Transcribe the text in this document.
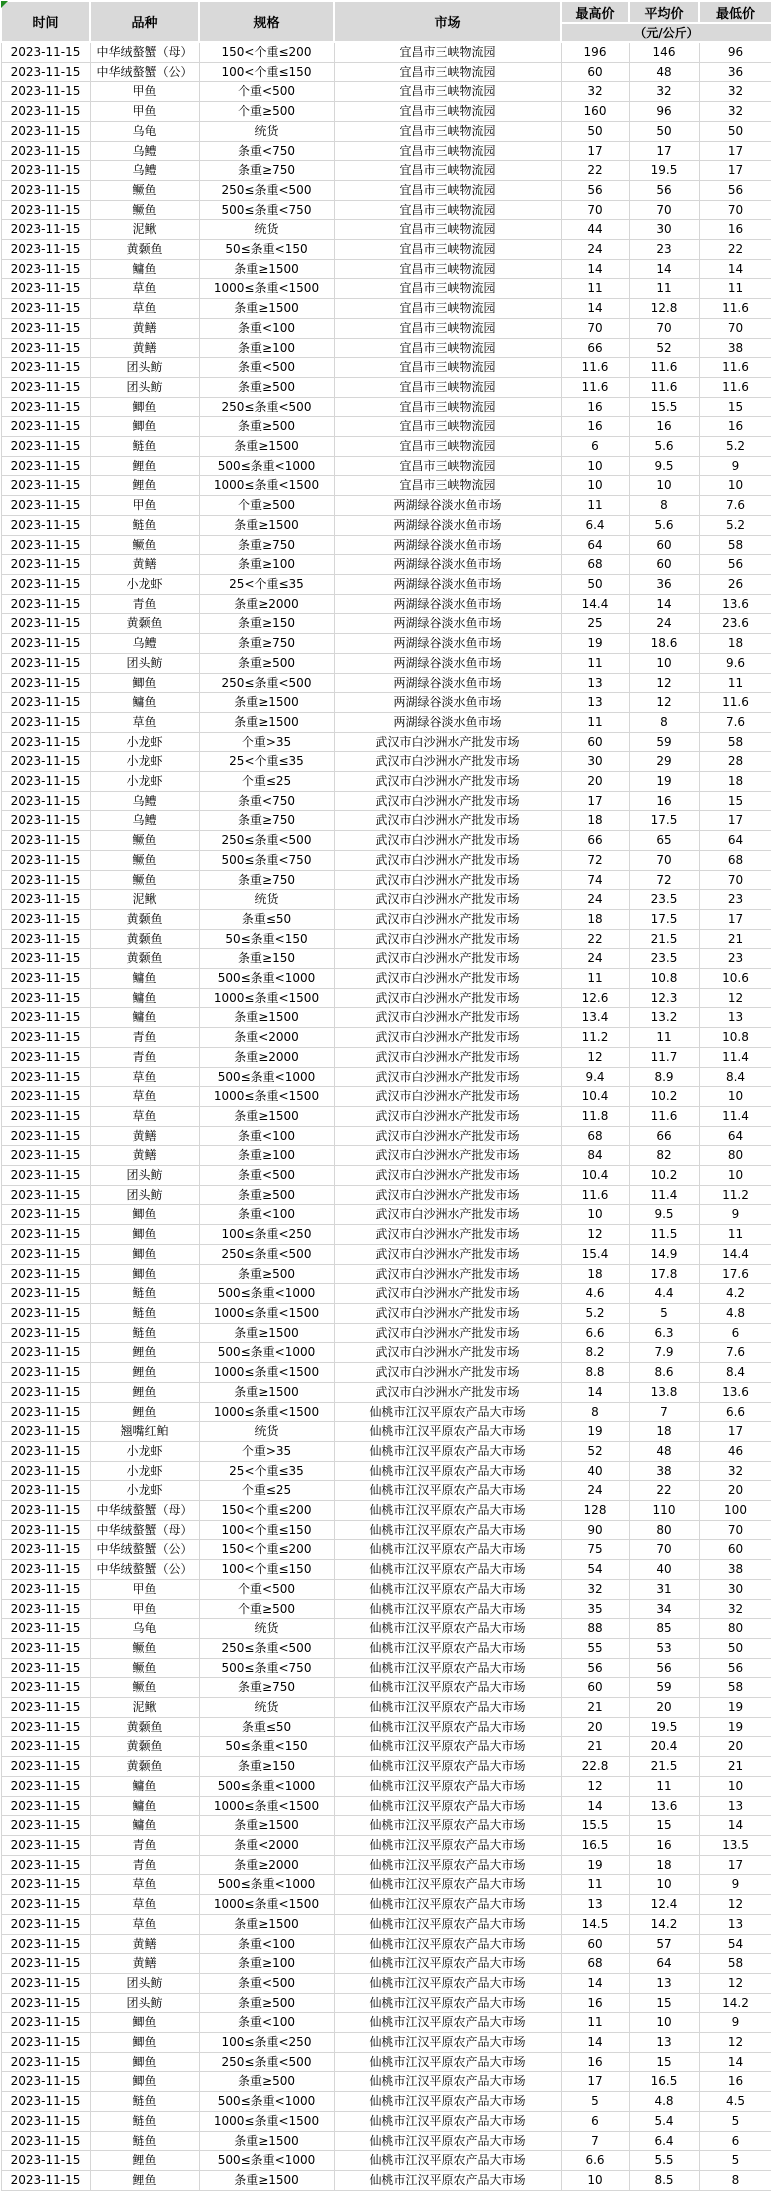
时间	品种	规格	市场	最高价	平均价	最低价
				（元/公斤）		
2023-11-15	中华绒螯蟹（母）	150<个重≤200	宜昌市三峡物流园	196	146	96
2023-11-15	中华绒螯蟹（公）	100<个重≤150	宜昌市三峡物流园	60	48	36
2023-11-15	甲鱼	个重<500	宜昌市三峡物流园	32	32	32
2023-11-15	甲鱼	个重≥500	宜昌市三峡物流园	160	96	32
2023-11-15	乌龟	统货	宜昌市三峡物流园	50	50	50
2023-11-15	乌鳢	条重<750	宜昌市三峡物流园	17	17	17
2023-11-15	乌鳢	条重≥750	宜昌市三峡物流园	22	19.5	17
2023-11-15	鳜鱼	250≤条重<500	宜昌市三峡物流园	56	56	56
2023-11-15	鳜鱼	500≤条重<750	宜昌市三峡物流园	70	70	70
2023-11-15	泥鳅	统货	宜昌市三峡物流园	44	30	16
2023-11-15	黄颡鱼	50≤条重<150	宜昌市三峡物流园	24	23	22
2023-11-15	鳙鱼	条重≥1500	宜昌市三峡物流园	14	14	14
2023-11-15	草鱼	1000≤条重<1500	宜昌市三峡物流园	11	11	11
2023-11-15	草鱼	条重≥1500	宜昌市三峡物流园	14	12.8	11.6
2023-11-15	黄鳝	条重<100	宜昌市三峡物流园	70	70	70
2023-11-15	黄鳝	条重≥100	宜昌市三峡物流园	66	52	38
2023-11-15	团头鲂	条重<500	宜昌市三峡物流园	11.6	11.6	11.6
2023-11-15	团头鲂	条重≥500	宜昌市三峡物流园	11.6	11.6	11.6
2023-11-15	鲫鱼	250≤条重<500	宜昌市三峡物流园	16	15.5	15
2023-11-15	鲫鱼	条重≥500	宜昌市三峡物流园	16	16	16
2023-11-15	鲢鱼	条重≥1500	宜昌市三峡物流园	6	5.6	5.2
2023-11-15	鲤鱼	500≤条重<1000	宜昌市三峡物流园	10	9.5	9
2023-11-15	鲤鱼	1000≤条重<1500	宜昌市三峡物流园	10	10	10
2023-11-15	甲鱼	个重≥500	两湖绿谷淡水鱼市场	11	8	7.6
2023-11-15	鲢鱼	条重≥1500	两湖绿谷淡水鱼市场	6.4	5.6	5.2
2023-11-15	鳜鱼	条重≥750	两湖绿谷淡水鱼市场	64	60	58
2023-11-15	黄鳝	条重≥100	两湖绿谷淡水鱼市场	68	60	56
2023-11-15	小龙虾	25<个重≤35	两湖绿谷淡水鱼市场	50	36	26
2023-11-15	青鱼	条重≥2000	两湖绿谷淡水鱼市场	14.4	14	13.6
2023-11-15	黄颡鱼	条重≥150	两湖绿谷淡水鱼市场	25	24	23.6
2023-11-15	乌鳢	条重≥750	两湖绿谷淡水鱼市场	19	18.6	18
2023-11-15	团头鲂	条重≥500	两湖绿谷淡水鱼市场	11	10	9.6
2023-11-15	鲫鱼	250≤条重<500	两湖绿谷淡水鱼市场	13	12	11
2023-11-15	鳙鱼	条重≥1500	两湖绿谷淡水鱼市场	13	12	11.6
2023-11-15	草鱼	条重≥1500	两湖绿谷淡水鱼市场	11	8	7.6
2023-11-15	小龙虾	个重>35	武汉市白沙洲水产批发市场	60	59	58
2023-11-15	小龙虾	25<个重≤35	武汉市白沙洲水产批发市场	30	29	28
2023-11-15	小龙虾	个重≤25	武汉市白沙洲水产批发市场	20	19	18
2023-11-15	乌鳢	条重<750	武汉市白沙洲水产批发市场	17	16	15
2023-11-15	乌鳢	条重≥750	武汉市白沙洲水产批发市场	18	17.5	17
2023-11-15	鳜鱼	250≤条重<500	武汉市白沙洲水产批发市场	66	65	64
2023-11-15	鳜鱼	500≤条重<750	武汉市白沙洲水产批发市场	72	70	68
2023-11-15	鳜鱼	条重≥750	武汉市白沙洲水产批发市场	74	72	70
2023-11-15	泥鳅	统货	武汉市白沙洲水产批发市场	24	23.5	23
2023-11-15	黄颡鱼	条重≤50	武汉市白沙洲水产批发市场	18	17.5	17
2023-11-15	黄颡鱼	50≤条重<150	武汉市白沙洲水产批发市场	22	21.5	21
2023-11-15	黄颡鱼	条重≥150	武汉市白沙洲水产批发市场	24	23.5	23
2023-11-15	鳙鱼	500≤条重<1000	武汉市白沙洲水产批发市场	11	10.8	10.6
2023-11-15	鳙鱼	1000≤条重<1500	武汉市白沙洲水产批发市场	12.6	12.3	12
2023-11-15	鳙鱼	条重≥1500	武汉市白沙洲水产批发市场	13.4	13.2	13
2023-11-15	青鱼	条重<2000	武汉市白沙洲水产批发市场	11.2	11	10.8
2023-11-15	青鱼	条重≥2000	武汉市白沙洲水产批发市场	12	11.7	11.4
2023-11-15	草鱼	500≤条重<1000	武汉市白沙洲水产批发市场	9.4	8.9	8.4
2023-11-15	草鱼	1000≤条重<1500	武汉市白沙洲水产批发市场	10.4	10.2	10
2023-11-15	草鱼	条重≥1500	武汉市白沙洲水产批发市场	11.8	11.6	11.4
2023-11-15	黄鳝	条重<100	武汉市白沙洲水产批发市场	68	66	64
2023-11-15	黄鳝	条重≥100	武汉市白沙洲水产批发市场	84	82	80
2023-11-15	团头鲂	条重<500	武汉市白沙洲水产批发市场	10.4	10.2	10
2023-11-15	团头鲂	条重≥500	武汉市白沙洲水产批发市场	11.6	11.4	11.2
2023-11-15	鲫鱼	条重<100	武汉市白沙洲水产批发市场	10	9.5	9
2023-11-15	鲫鱼	100≤条重<250	武汉市白沙洲水产批发市场	12	11.5	11
2023-11-15	鲫鱼	250≤条重<500	武汉市白沙洲水产批发市场	15.4	14.9	14.4
2023-11-15	鲫鱼	条重≥500	武汉市白沙洲水产批发市场	18	17.8	17.6
2023-11-15	鲢鱼	500≤条重<1000	武汉市白沙洲水产批发市场	4.6	4.4	4.2
2023-11-15	鲢鱼	1000≤条重<1500	武汉市白沙洲水产批发市场	5.2	5	4.8
2023-11-15	鲢鱼	条重≥1500	武汉市白沙洲水产批发市场	6.6	6.3	6
2023-11-15	鲤鱼	500≤条重<1000	武汉市白沙洲水产批发市场	8.2	7.9	7.6
2023-11-15	鲤鱼	1000≤条重<1500	武汉市白沙洲水产批发市场	8.8	8.6	8.4
2023-11-15	鲤鱼	条重≥1500	武汉市白沙洲水产批发市场	14	13.8	13.6
2023-11-15	鲤鱼	1000≤条重<1500	仙桃市江汉平原农产品大市场	8	7	6.6
2023-11-15	翘嘴红鲌	统货	仙桃市江汉平原农产品大市场	19	18	17
2023-11-15	小龙虾	个重>35	仙桃市江汉平原农产品大市场	52	48	46
2023-11-15	小龙虾	25<个重≤35	仙桃市江汉平原农产品大市场	40	38	32
2023-11-15	小龙虾	个重≤25	仙桃市江汉平原农产品大市场	24	22	20
2023-11-15	中华绒螯蟹（母）	150<个重≤200	仙桃市江汉平原农产品大市场	128	110	100
2023-11-15	中华绒螯蟹（母）	100<个重≤150	仙桃市江汉平原农产品大市场	90	80	70
2023-11-15	中华绒螯蟹（公）	150<个重≤200	仙桃市江汉平原农产品大市场	75	70	60
2023-11-15	中华绒螯蟹（公）	100<个重≤150	仙桃市江汉平原农产品大市场	54	40	38
2023-11-15	甲鱼	个重<500	仙桃市江汉平原农产品大市场	32	31	30
2023-11-15	甲鱼	个重≥500	仙桃市江汉平原农产品大市场	35	34	32
2023-11-15	乌龟	统货	仙桃市江汉平原农产品大市场	88	85	80
2023-11-15	鳜鱼	250≤条重<500	仙桃市江汉平原农产品大市场	55	53	50
2023-11-15	鳜鱼	500≤条重<750	仙桃市江汉平原农产品大市场	56	56	56
2023-11-15	鳜鱼	条重≥750	仙桃市江汉平原农产品大市场	60	59	58
2023-11-15	泥鳅	统货	仙桃市江汉平原农产品大市场	21	20	19
2023-11-15	黄颡鱼	条重≤50	仙桃市江汉平原农产品大市场	20	19.5	19
2023-11-15	黄颡鱼	50≤条重<150	仙桃市江汉平原农产品大市场	21	20.4	20
2023-11-15	黄颡鱼	条重≥150	仙桃市江汉平原农产品大市场	22.8	21.5	21
2023-11-15	鳙鱼	500≤条重<1000	仙桃市江汉平原农产品大市场	12	11	10
2023-11-15	鳙鱼	1000≤条重<1500	仙桃市江汉平原农产品大市场	14	13.6	13
2023-11-15	鳙鱼	条重≥1500	仙桃市江汉平原农产品大市场	15.5	15	14
2023-11-15	青鱼	条重<2000	仙桃市江汉平原农产品大市场	16.5	16	13.5
2023-11-15	青鱼	条重≥2000	仙桃市江汉平原农产品大市场	19	18	17
2023-11-15	草鱼	500≤条重<1000	仙桃市江汉平原农产品大市场	11	10	9
2023-11-15	草鱼	1000≤条重<1500	仙桃市江汉平原农产品大市场	13	12.4	12
2023-11-15	草鱼	条重≥1500	仙桃市江汉平原农产品大市场	14.5	14.2	13
2023-11-15	黄鳝	条重<100	仙桃市江汉平原农产品大市场	60	57	54
2023-11-15	黄鳝	条重≥100	仙桃市江汉平原农产品大市场	68	64	58
2023-11-15	团头鲂	条重<500	仙桃市江汉平原农产品大市场	14	13	12
2023-11-15	团头鲂	条重≥500	仙桃市江汉平原农产品大市场	16	15	14.2
2023-11-15	鲫鱼	条重<100	仙桃市江汉平原农产品大市场	11	10	9
2023-11-15	鲫鱼	100≤条重<250	仙桃市江汉平原农产品大市场	14	13	12
2023-11-15	鲫鱼	250≤条重<500	仙桃市江汉平原农产品大市场	16	15	14
2023-11-15	鲫鱼	条重≥500	仙桃市江汉平原农产品大市场	17	16.5	16
2023-11-15	鲢鱼	500≤条重<1000	仙桃市江汉平原农产品大市场	5	4.8	4.5
2023-11-15	鲢鱼	1000≤条重<1500	仙桃市江汉平原农产品大市场	6	5.4	5
2023-11-15	鲢鱼	条重≥1500	仙桃市江汉平原农产品大市场	7	6.4	6
2023-11-15	鲤鱼	500≤条重<1000	仙桃市江汉平原农产品大市场	6.6	5.5	5
2023-11-15	鲤鱼	条重≥1500	仙桃市江汉平原农产品大市场	10	8.5	8
